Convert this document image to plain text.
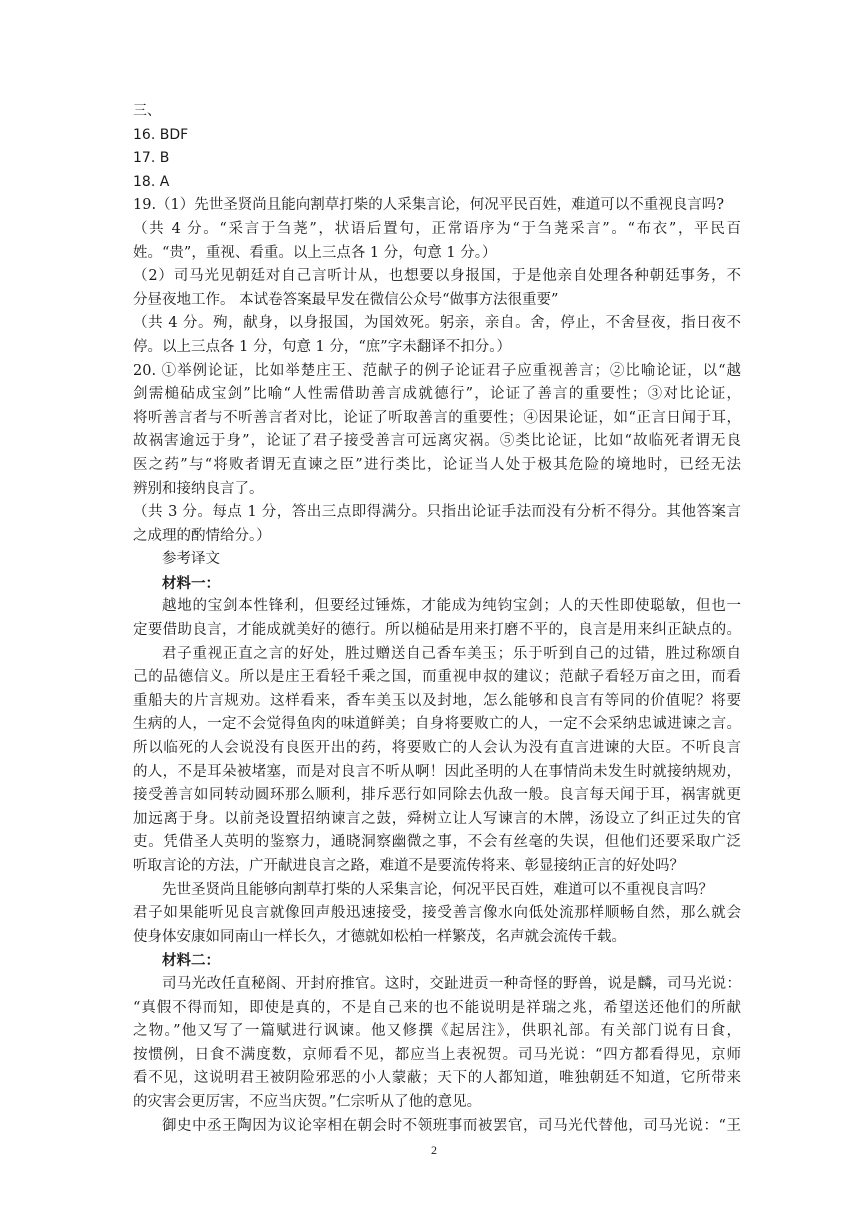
三、

16. BDF

17. B

18. A

19.（1）先世圣贤尚且能向割草打柴的人采集言论，何况平民百姓，难道可以不重视良言吗?

（共 4 分。“采言于刍荛”，状语后置句，正常语序为“于刍荛采言”。“布衣”，平民百

姓。“贵”，重视、看重。以上三点各 1 分，句意 1 分。）

（2）司马光见朝廷对自己言听计从，也想要以身报国，于是他亲自处理各种朝廷事务，不

分昼夜地工作。 本试卷答案最早发在微信公众号“做事方法很重要”

（共 4 分。殉，献身，以身报国，为国效死。躬亲，亲自。舍，停止，不舍昼夜，指日夜不

停。以上三点各 1 分，句意 1 分，“庶”字未翻译不扣分。）

20. ①举例论证，比如举楚庄王、范献子的例子论证君子应重视善言；②比喻论证，以“越

剑需槌砧成宝剑”比喻“人性需借助善言成就德行”，论证了善言的重要性；③对比论证，

将听善言者与不听善言者对比，论证了听取善言的重要性；④因果论证，如“正言日闻于耳，

故祸害逾远于身”，论证了君子接受善言可远离灾祸。⑤类比论证，比如“故临死者谓无良

医之药”与“将败者谓无直谏之臣”进行类比，论证当人处于极其危险的境地时，已经无法

辨别和接纳良言了。

（共 3 分。每点 1 分，答出三点即得满分。只指出论证手法而没有分析不得分。其他答案言

之成理的酌情给分。）

参考译文

材料一：

越地的宝剑本性锋利，但要经过锤炼，才能成为纯钧宝剑；人的天性即使聪敏，但也一

定要借助良言，才能成就美好的德行。所以槌砧是用来打磨不平的，良言是用来纠正缺点的。

君子重视正直之言的好处，胜过赠送自己香车美玉；乐于听到自己的过错，胜过称颂自

己的品德信义。所以是庄王看轻千乘之国，而重视申叔的建议；范献子看轻万亩之田，而看

重船夫的片言规劝。这样看来，香车美玉以及封地，怎么能够和良言有等同的价值呢？将要

生病的人，一定不会觉得鱼肉的味道鲜美；自身将要败亡的人，一定不会采纳忠诚进谏之言。

所以临死的人会说没有良医开出的药，将要败亡的人会认为没有直言进谏的大臣。不听良言

的人，不是耳朵被堵塞，而是对良言不听从啊！因此圣明的人在事情尚未发生时就接纳规劝，

接受善言如同转动圆环那么顺利，排斥恶行如同除去仇敌一般。良言每天闻于耳，祸害就更

加远离于身。以前尧设置招纳谏言之鼓，舜树立让人写谏言的木牌，汤设立了纠正过失的官

吏。凭借圣人英明的鉴察力，通晓洞察幽微之事，不会有丝毫的失误，但他们还要采取广泛

听取言论的方法，广开献进良言之路，难道不是要流传将来、彰显接纳正言的好处吗？

先世圣贤尚且能够向割草打柴的人采集言论，何况平民百姓，难道可以不重视良言吗？

君子如果能听见良言就像回声般迅速接受，接受善言像水向低处流那样顺畅自然，那么就会

使身体安康如同南山一样长久，才德就如松柏一样繁茂，名声就会流传千载。

材料二：

司马光改任直秘阁、开封府推官。这时，交趾进贡一种奇怪的野兽，说是麟，司马光说：

“真假不得而知，即使是真的，不是自己来的也不能说明是祥瑞之兆，希望送还他们的所献

之物。”他又写了一篇赋进行讽谏。他又修撰《起居注》，供职礼部。有关部门说有日食，

按惯例，日食不满度数，京师看不见，都应当上表祝贺。司马光说：“四方都看得见，京师

看不见，这说明君王被阴险邪恶的小人蒙蔽；天下的人都知道，唯独朝廷不知道，它所带来

的灾害会更厉害，不应当庆贺。”仁宗听从了他的意见。

御史中丞王陶因为议论宰相在朝会时不领班事而被罢官，司马光代替他，司马光说：“王

2
